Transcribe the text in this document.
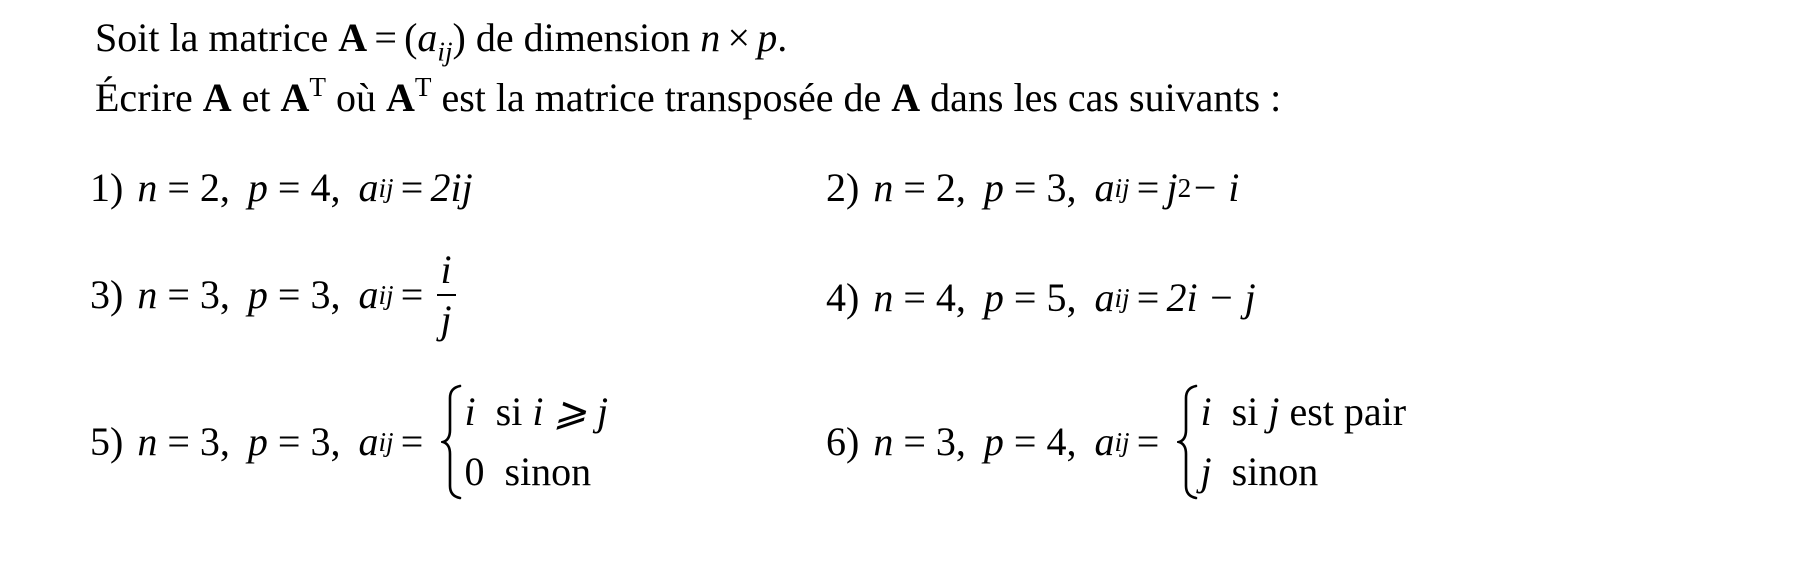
Soit la matrice $A = (a_{ij})$ de dimension n × p.
Écrire A et $A^T$ où $A^T$ est la matrice transposée de A dans les cas suivants :
1) n
= 2, p
= 4, a ij = 2ij	2) n
= 2, p
= 3, a ij = j 2 − i
3) n
= 3, p
= 3, a ij = $\frac{i}{j}$	4) n
= 4, p
= 5, a ij = 2i − j
5) n
= 3, p
= 3, a ij =
i si i ⩾ j
0 sinon
6) n
= 3, p
= 4, a ij =
i si j est pair
j sinon
